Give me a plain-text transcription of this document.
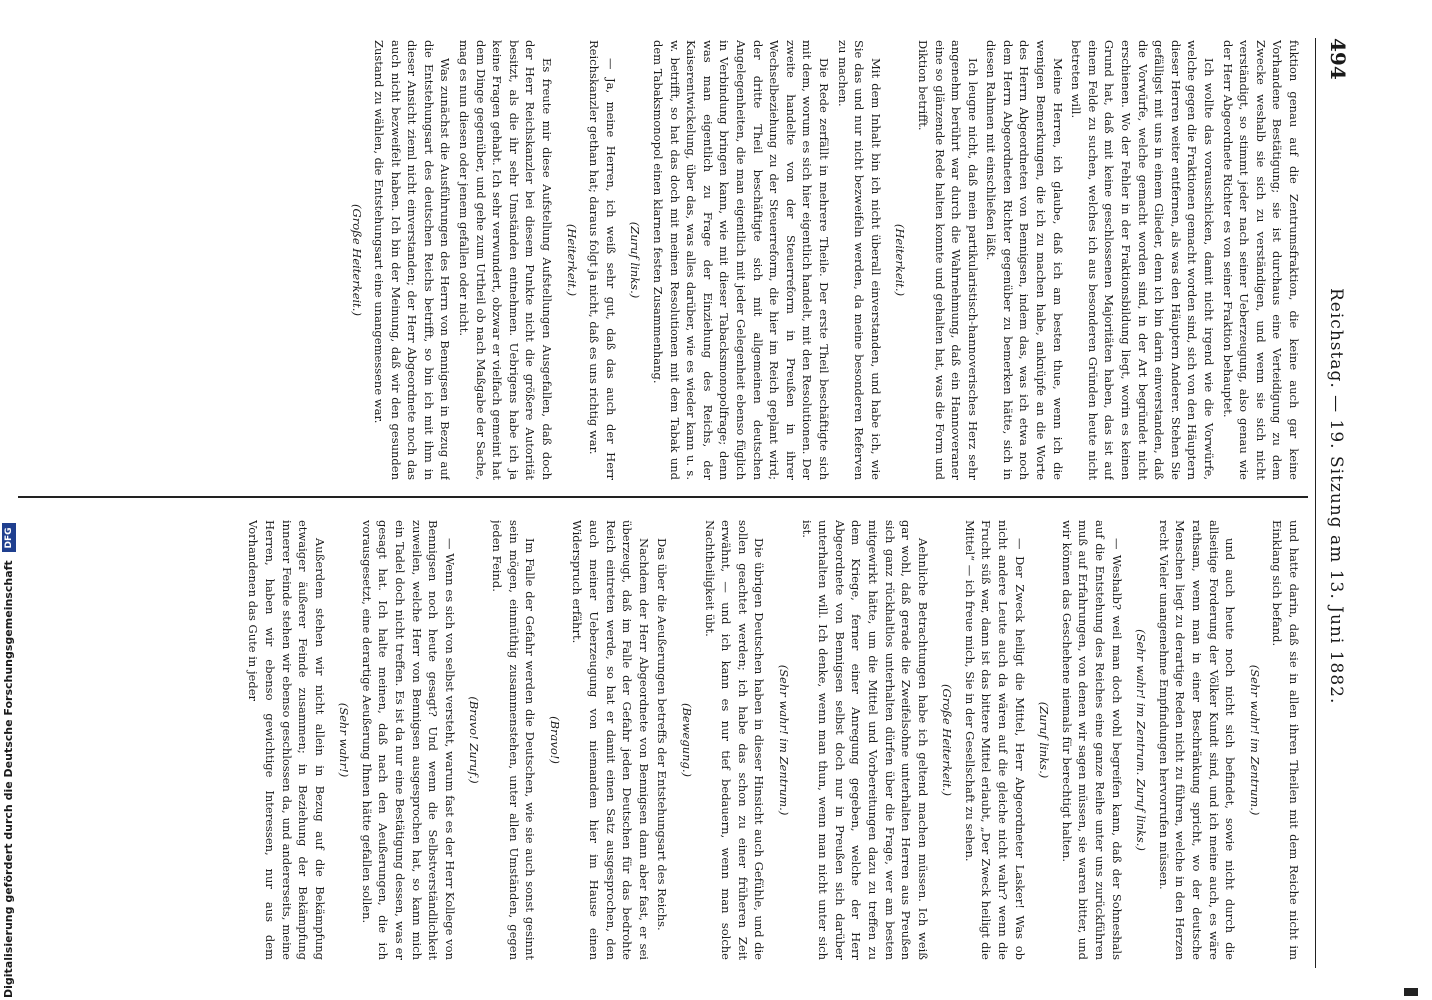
494
Reichstag. — 19. Sitzung am 13. Juni 1882.

fuktion genau auf die Zentrumsfraktion, die keine auch gar keine Vorhandene Bestätigung; sie ist durchaus eine Verteidigung zu dem Zwecke weshalb sie sich zu verständigen, und wenn sie sich nicht verständigt, so stimmt jeder nach seiner Ueberzeugung, also genau wie der Herr Abgeordnete Richter es von seiner Fraktion behauptet.

Ich wollte das vorausschicken, damit nicht irgend wie die Vorwürfe, welche gegen die Fraktionen gemacht worden sind, sich von den Häuptern dieser Herren weiter entfernen, als was den Häuptern Anderer. Stehen Sie gefälligst mit uns in einem Glieder, denn ich bin darin einverstanden, daß die Vorwürfe, welche gemacht worden sind, in der Art begründet nicht erschienen. Wo der Fehler in der Fraktionsbildung liegt, worin es keinen Grund hat, daß mit keine geschlossenen Majoritäten haben, das ist auf einem Felde zu suchen, welches ich aus besonderen Gründen heute nicht betreten will.

Meine Herren, ich glaube, daß ich am besten thue, wenn ich die wenigen Bemerkungen, die ich zu machen habe, anknüpfe an die Worte des Herrn Abgeordneten von Bennigsen, indem das, was ich etwa noch dem Herrn Abgeordneten Richter gegenüber zu bemerken hätte, sich in diesen Rahmen mit einschließen läßt.

Ich leugne nicht, daß mein partikularistisch-hannoverisches Herz sehr angenehm berührt war durch die Wahrnehmung, daß ein Hannoveraner eine so glänzende Rede halten konnte und gehalten hat, was die Form und Diktion betrifft.

(Heiterkeit.)

Mit dem Inhalt bin ich nicht überall einverstanden, und habe ich, wie Sie das und nur nicht bezweifeln werden, da meine besonderen Referven zu machen.

Die Rede zerfällt in mehrere Theile. Der erste Theil beschäftigte sich mit dem, worum es sich hier eigentlich handelt, mit den Resolutionen. Der zweite handelte von der Steuerreform in Preußen in ihrer Wechselbeziehung zu der Steuerreform, die hier im Reich geplant wird; der dritte Theil beschäftigte sich mit allgemeinen deutschen Angelegenheiten, die man eigentlich mit jeder Gelegenheit ebenso füglich in Verbindung bringen kann, wie mit dieser Tabacksmonopolfrage; denn was man eigentlich zu Frage der Einziehung des Reichs, der Kaiserentwickelung, über das, was alles darüber, wie es wieder kann u. s. w. betrifft, so hat das doch mit meinen Resolutionen mit dem Tabak und dem Tabaksmonopol einen klarnen festen Zusammenhang.

(Zuruf links.)

— Ja, meine Herren, ich weiß sehr gut, daß das auch der Herr Reichskanzler gethan hat; daraus folgt ja nicht, daß es uns richtig war.

(Heiterkeit.)

Es freute mir diese Aufstellung Aufstellungen Ausgefallen, daß doch der Herr Reichskanzler bei diesem Punkte nicht die größere Autorität besitzt, als die ihr sehr Umständen entnehmen. Uebrigens habe ich ja keine Fragen gehabt. Ich sehr verwundert, obzwar er vielfach gemeint hat dem Dinge gegenüber, und gehe zum Urtheil ob nach Maßgabe der Sache, mag es nun diesen oder jenem gefallen oder nicht.

Was zunächst die Ausführungen des Herrn von Bennigsen in Bezug auf die Entstehungsart des deutschen Reichs betrifft, so bin ich mit ihm in dieser Ansicht zieml nicht einverstanden; der Herr Abgeordnete noch das auch nicht bezweifelt haben. Ich bin der Meinung, daß wir den gesunden Zustand zu wählen, die Entstehungsart eine unangemessene war.

(Große Heiterkeit.)

und hatte darin, daß sie in allen ihren Theilen mit dem Reiche nicht im Einklang sich befand.

(Sehr wahr! im Zentrum.)

und auch heute noch nicht sich befindet, sowie nicht durch die allseitige Forderung der Völker Kundt sind, und ich meine auch, es wäre rathsam, wenn man in einer Beschränkung spricht, wo der deutsche Menschen liegt zu derartige Reden nicht zu führen, welche in den Herzen recht Vieler unangenehme Empfindungen hervorrufen müssen.

(Sehr wahr! im Zentrum. Zuruf links.)

— Weshalb? weil man doch wohl begreifen kann, daß der Sohneshals auf die Entstehung des Reiches eine ganze Reihe unter uns zurückführen muß auf Erfahrungen, von denen wir sagen müssen, sie waren bitter, und wir können das Geschehene niemals für berechtigt halten.

(Zuruf links.)

— Der Zweck heiligt die Mittel, Herr Abgeordneter Lasker! Was ob nicht andere Leute auch da wären auf die gleiche nicht wahr? wenn die Frucht süß war, dann ist das bittere Mittel erlaubt, „Der Zweck heiligt die Mittel“ — ich freue mich, Sie in der Gesellschaft zu sehen.

(Große Heiterkeit.)

Aehnliche Betrachtungen habe ich geltend machen müssen. Ich weiß gar wohl, daß gerade die Zweifelsohne unterhalten Herren aus Preußen sich ganz rückhaltlos unterhalten dürfen über die Frage, wer am besten mitgewirkt hätte, um die Mittel und Vorbereitungen dazu zu treffen zu dem Kriege, ferner einer Anregung gegeben, welche der Herr Abgeordnete von Bennigsen selbst doch nur in Preußen sich darüber unterhalten will. Ich denke, wenn man thun, wenn man nicht unter sich ist.

(Sehr wahr! im Zentrum.)

Die übrigen Deutschen haben in dieser Hinsicht auch Gefühle, und die sollen geachtet werden; ich habe das schon zu einer früheren Zeit erwähnt, — und ich kann es nur tief bedauern, wenn man solche Nachtheiligkeit übt.

(Bewegung.)

Das über die Aeußerungen betreffs der Entstehungsart des Reichs.

Nachdem der Herr Abgeordnete von Bennigsen dann aber fast, er sei überzeugt, daß im Falle der Gefahr jeden Deutschen für das bedrohte Reich eintreten werde, so hat er damit einen Satz ausgesprochen, den auch meiner Ueberzeugung von niemandem hier im Hause einen Widerspruch erfährt.

(Bravo!)

Im Falle der Gefahr werden die Deutschen, wie sie auch sonst gesinnt sein mögen, einmüthig zusammenstehen, unter allen Umständen, gegen jeden Feind.

(Bravo! Zuruf.)

— Wenn es sich von selbst versteht, warum fast es der Herr Kollege von Bennigsen noch heute gesagt? Und wenn die Selbstverständlichkeit zuweilen, welche Herr von Bennigsen ausgesprochen hat, so kann mich ein Tadel doch nicht treffen. Es ist da nur eine Bestätigung dessen, was er gesagt hat. Ich halte meinen, daß nach den Aeußerungen, die ich vorausgesetzt, eine derartige Aeußerung Ihnen hätte gefallen sollen.

(Sehr wahr!)

Außerdem stehen wir nicht allein in Bezug auf die Bekämpfung etwaiger äußerer Feinde zusammen; in Beziehung der Bekämpfung innerer Feinde stehen wir ebenso geschlossen da, und andererseits, meine Herren, haben wir ebenso gewichtige Interessen, nur aus dem Vorhandenen das Gute in jeder

Digitalisierung gefördert durch die Deutsche Forschungsgemeinschaft DFG
